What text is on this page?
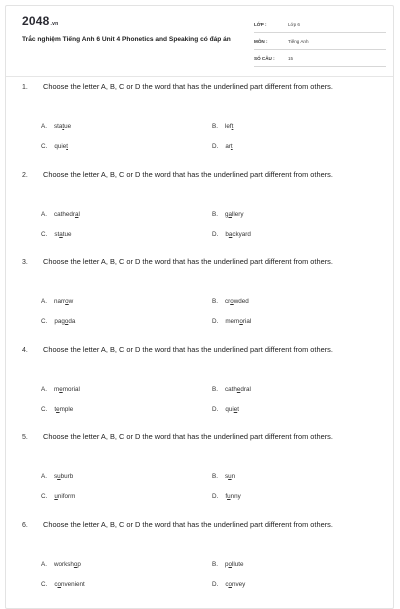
2048.vn
Trắc nghiệm Tiếng Anh 6 Unit 4 Phonetics and Speaking có đáp án
LỚP :	Lớp 6
MÔN :	Tiếng Anh
SỐ CÂU :	15
1. Choose the letter A, B, C or D the word that has the underlined part different from others.
A. statue	B. left
C. quiet	D. art
2. Choose the letter A, B, C or D the word that has the underlined part different from others.
A. cathedral	B. gallery
C. statue	D. backyard
3. Choose the letter A, B, C or D the word that has the underlined part different from others.
A. narrow	B. crowded
C. pagoda	D. memorial
4. Choose the letter A, B, C or D the word that has the underlined part different from others.
A. memorial	B. cathedral
C. temple	D. quiet
5. Choose the letter A, B, C or D the word that has the underlined part different from others.
A. suburb	B. sun
C. uniform	D. funny
6. Choose the letter A, B, C or D the word that has the underlined part different from others.
A. workshop	B. pollute
C. convenient	D. convey
